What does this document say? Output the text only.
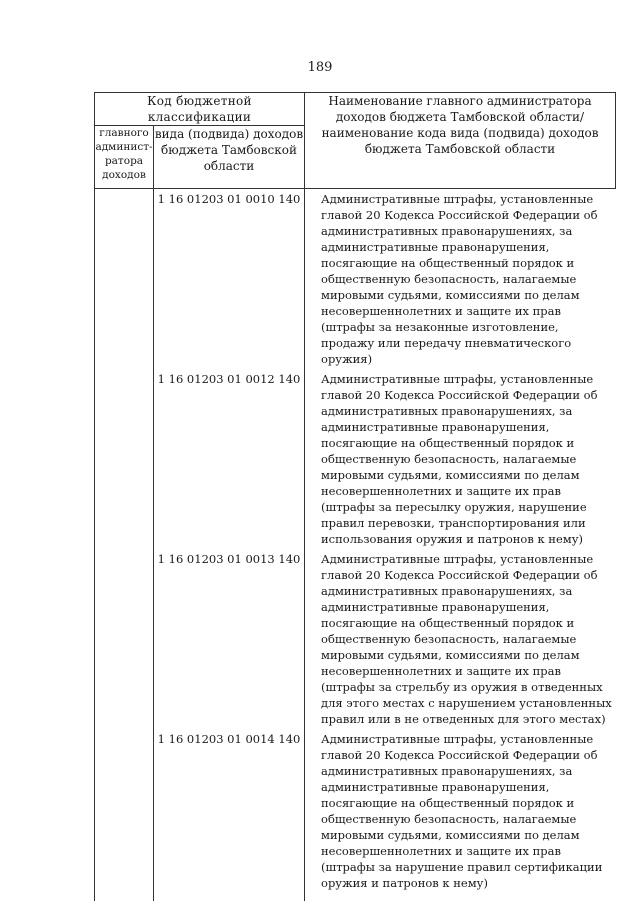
189
Код бюджетной классификации		Наименование главного администратора доходов бюджета Тамбовской области/наименование кода вида (подвида) доходов бюджета Тамбовской области
главного админист-ратора доходов	вида (подвида) доходов бюджета Тамбовской области	
	1 16 01203 01 0010 140	Административные штрафы, установленные главой 20 Кодекса Российской Федерации об административных правонарушениях, за административные правонарушения, посягающие на общественный порядок и общественную безопасность, налагаемые мировыми судьями, комиссиями по делам несовершеннолетних и защите их прав (штрафы за незаконные изготовление, продажу или передачу пневматического оружия)
	1 16 01203 01 0012 140	Административные штрафы, установленные главой 20 Кодекса Российской Федерации об административных правонарушениях, за административные правонарушения, посягающие на общественный порядок и общественную безопасность, налагаемые мировыми судьями, комиссиями по делам несовершеннолетних и защите их прав (штрафы за пересылку оружия, нарушение правил перевозки, транспортирования или использования оружия и патронов к нему)
	1 16 01203 01 0013 140	Административные штрафы, установленные главой 20 Кодекса Российской Федерации об административных правонарушениях, за административные правонарушения, посягающие на общественный порядок и общественную безопасность, налагаемые мировыми судьями, комиссиями по делам несовершеннолетних и защите их прав (штрафы за стрельбу из оружия в отведенных для этого местах с нарушением установленных правил или в не отведенных для этого местах)
	1 16 01203 01 0014 140	Административные штрафы, установленные главой 20 Кодекса Российской Федерации об административных правонарушениях, за административные правонарушения, посягающие на общественный порядок и общественную безопасность, налагаемые мировыми судьями, комиссиями по делам несовершеннолетних и защите их прав (штрафы за нарушение правил сертификации оружия и патронов к нему)
